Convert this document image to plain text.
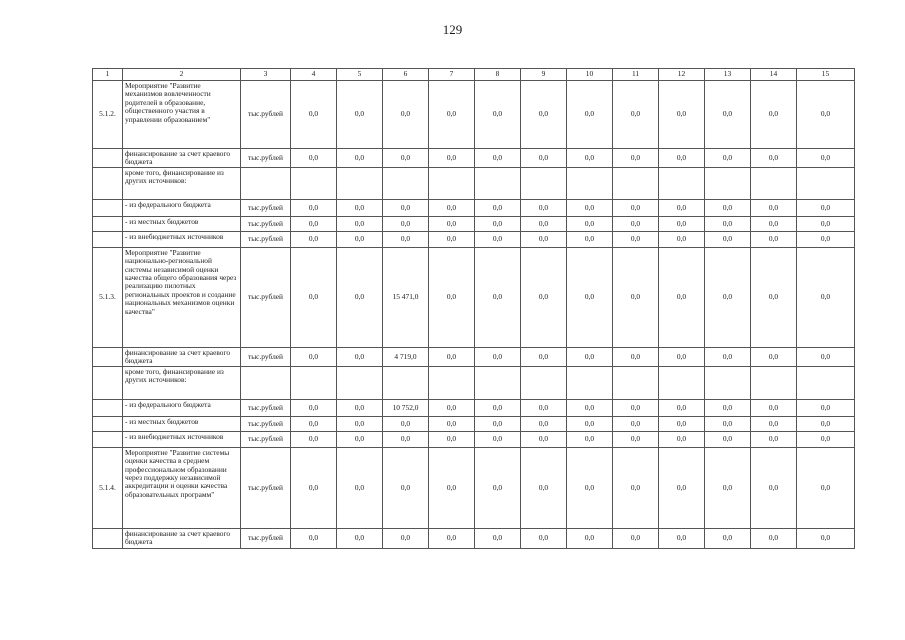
129
1	2	3	4	5	6	7	8	9	10	11	12	13	14	15
5.1.2.	Мероприятие "Развитие механизмов вовлеченности родителей в образование, общественного участия в управлении образованием"	тыс.рублей	0,0	0,0	0,0	0,0	0,0	0,0	0,0	0,0	0,0	0,0	0,0	0,0
	финансирование за счет краевого бюджета	тыс.рублей	0,0	0,0	0,0	0,0	0,0	0,0	0,0	0,0	0,0	0,0	0,0	0,0
	кроме того, финансирование из других источников:													
	- из федерального бюджета	тыс.рублей	0,0	0,0	0,0	0,0	0,0	0,0	0,0	0,0	0,0	0,0	0,0	0,0
	- из местных бюджетов	тыс.рублей	0,0	0,0	0,0	0,0	0,0	0,0	0,0	0,0	0,0	0,0	0,0	0,0
	- из внебюджетных источников	тыс.рублей	0,0	0,0	0,0	0,0	0,0	0,0	0,0	0,0	0,0	0,0	0,0	0,0
5.1.3.	Мероприятие "Развитие национально-региональной системы независимой оценки качества общего образования через реализацию пилотных региональных проектов и создание национальных механизмов оценки качества"	тыс.рублей	0,0	0,0	15 471,0	0,0	0,0	0,0	0,0	0,0	0,0	0,0	0,0	0,0
	финансирование за счет краевого бюджета	тыс.рублей	0,0	0,0	4 719,0	0,0	0,0	0,0	0,0	0,0	0,0	0,0	0,0	0,0
	кроме того, финансирование из других источников:													
	- из федерального бюджета	тыс.рублей	0,0	0,0	10 752,0	0,0	0,0	0,0	0,0	0,0	0,0	0,0	0,0	0,0
	- из местных бюджетов	тыс.рублей	0,0	0,0	0,0	0,0	0,0	0,0	0,0	0,0	0,0	0,0	0,0	0,0
	- из внебюджетных источников	тыс.рублей	0,0	0,0	0,0	0,0	0,0	0,0	0,0	0,0	0,0	0,0	0,0	0,0
5.1.4.	Мероприятие "Развитие системы оценки качества в среднем профессиональном образовании через поддержку независимой аккредитации и оценки качества образовательных программ"	тыс.рублей	0,0	0,0	0,0	0,0	0,0	0,0	0,0	0,0	0,0	0,0	0,0	0,0
	финансирование за счет краевого бюджета	тыс.рублей	0,0	0,0	0,0	0,0	0,0	0,0	0,0	0,0	0,0	0,0	0,0	0,0
